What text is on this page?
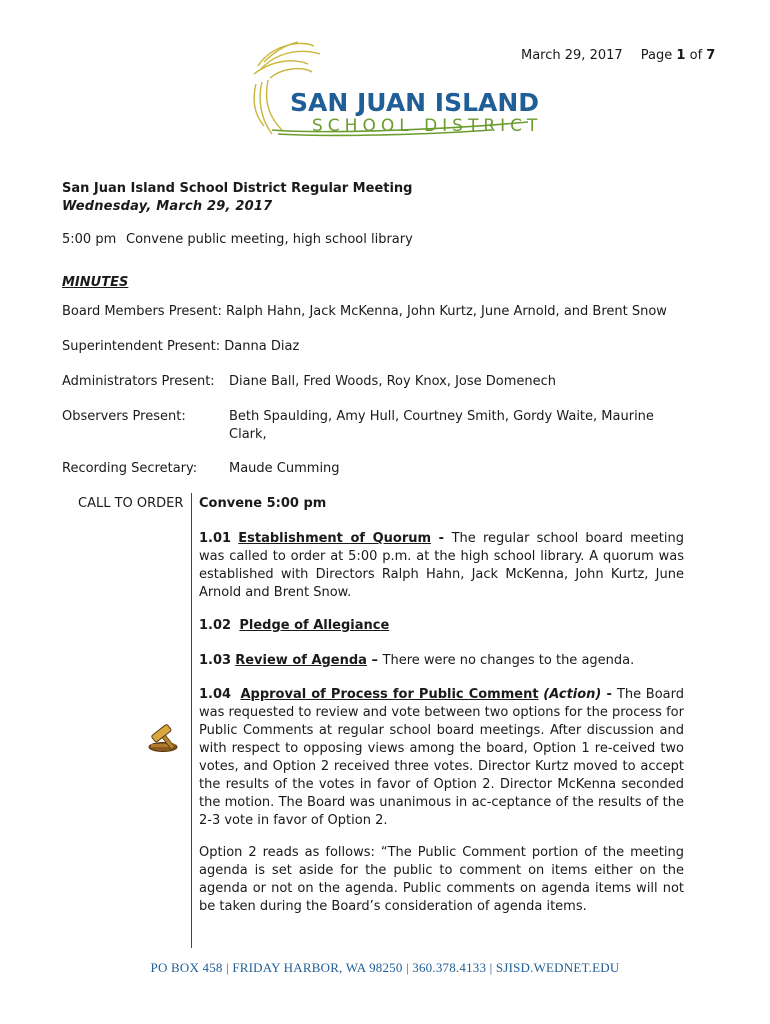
March 29, 2017 Page 1 of 7
SAN JUAN ISLAND
SCHOOL DISTRICT
San Juan Island School District Regular Meeting
Wednesday, March 29, 2017
5:00 pm Convene public meeting, high school library
MINUTES
Board Members Present: Ralph Hahn, Jack McKenna, John Kurtz, June Arnold, and Brent Snow
Superintendent Present: Danna Diaz
Administrators Present: Diane Ball, Fred Woods, Roy Knox, Jose Domenech
Observers Present:	Beth Spaulding, Amy Hull, Courtney Smith, Gordy Waite, Maurine Clark,
Recording Secretary: Maude Cumming
CALL TO ORDER Convene 5:00 pm
1.01 Establishment of Quorum - The regular school board meeting was called to order at 5:00 p.m. at the high school library. A quorum was established with Directors Ralph Hahn, Jack McKenna, John Kurtz, June Arnold and Brent Snow.
1.02 Pledge of Allegiance
1.03 Review of Agenda – There were no changes to the agenda.
1.04 Approval of Process for Public Comment (Action) - The Board was requested to review and vote between two options for the process for Public Comments at regular school board meetings. After discussion and with respect to opposing views among the board, Option 1 re-ceived two votes, and Option 2 received three votes. Director Kurtz moved to accept the results of the votes in favor of Option 2. Director McKenna seconded the motion. The Board was unanimous in ac-ceptance of the results of the 2-3 vote in favor of Option 2.
Option 2 reads as follows: “The Public Comment portion of the meeting agenda is set aside for the public to comment on items either on the agenda or not on the agenda. Public comments on agenda items will not be taken during the Board’s consideration of agenda items.
PO BOX 458 | FRIDAY HARBOR, WA 98250 | 360.378.4133 | SJISD.WEDNET.EDU
